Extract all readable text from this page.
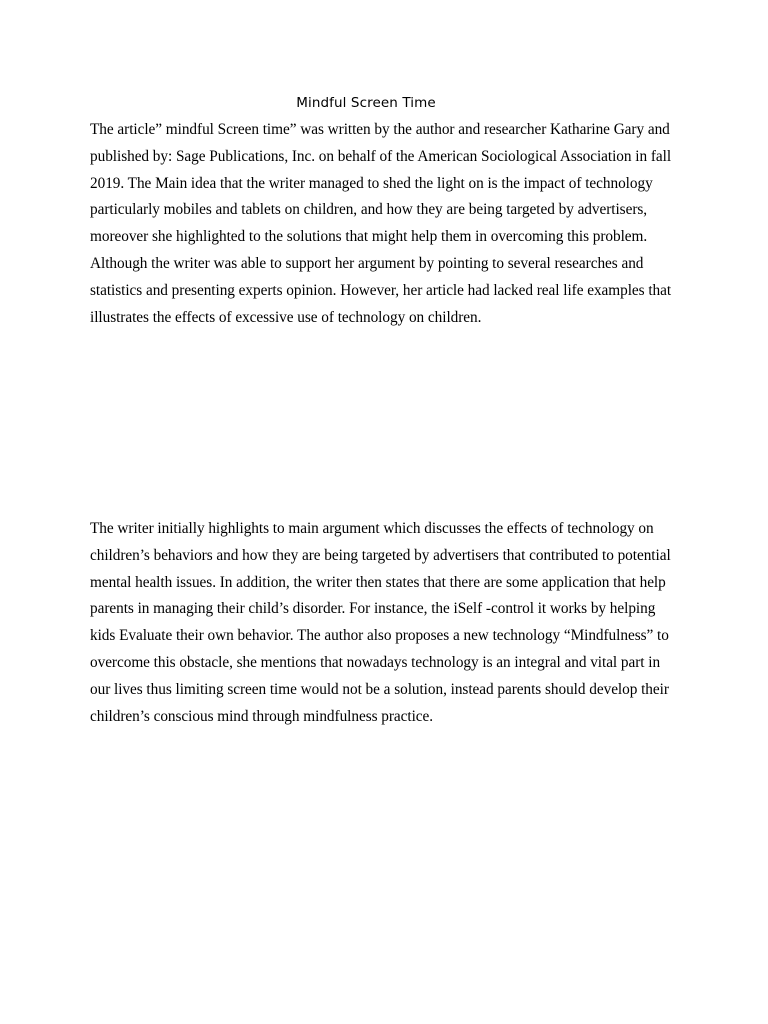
Mindful Screen Time

The article” mindful Screen time” was written by the author and researcher Katharine Gary and
published by: Sage Publications, Inc. on behalf of the American Sociological Association in fall
2019. The Main idea that the writer managed to shed the light on is the impact of technology
particularly mobiles and tablets on children, and how they are being targeted by advertisers,
moreover she highlighted to the solutions that might help them in overcoming this problem.
Although the writer was able to support her argument by pointing to several researches and
statistics and presenting experts opinion. However, her article had lacked real life examples that
illustrates the effects of excessive use of technology on children.

The writer initially highlights to main argument which discusses the effects of technology on
children’s behaviors and how they are being targeted by advertisers that contributed to potential
mental health issues. In addition, the writer then states that there are some application that help
parents in managing their child’s disorder. For instance, the iSelf -control it works by helping
kids Evaluate their own behavior. The author also proposes a new technology “Mindfulness” to
overcome this obstacle, she mentions that nowadays technology is an integral and vital part in
our lives thus limiting screen time would not be a solution, instead parents should develop their
children’s conscious mind through mindfulness practice.
